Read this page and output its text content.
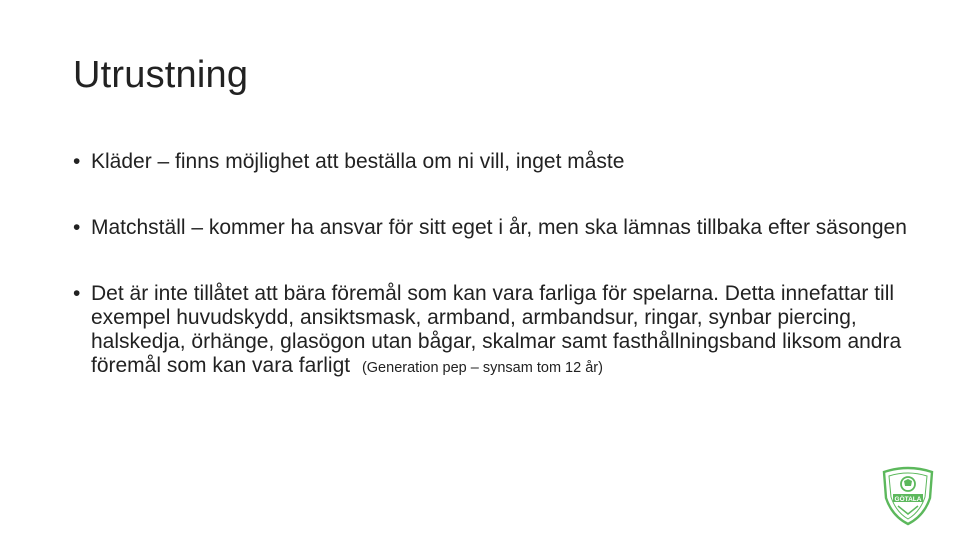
Utrustning
• Kläder – finns möjlighet att beställa om ni vill, inget måste
• Matchställ – kommer ha ansvar för sitt eget i år, men ska lämnas tillbaka efter säsongen
• Det är inte tillåtet att bära föremål som kan vara farliga för spelarna. Detta innefattar till exempel huvudskydd, ansiktsmask, armband, armbandsur, ringar, synbar piercing, halskedja, örhänge, glasögon utan bågar, skalmar samt fasthållningsband liksom andra föremål som kan vara farligt (Generation pep – synsam tom 12 år)
GÖTALA
